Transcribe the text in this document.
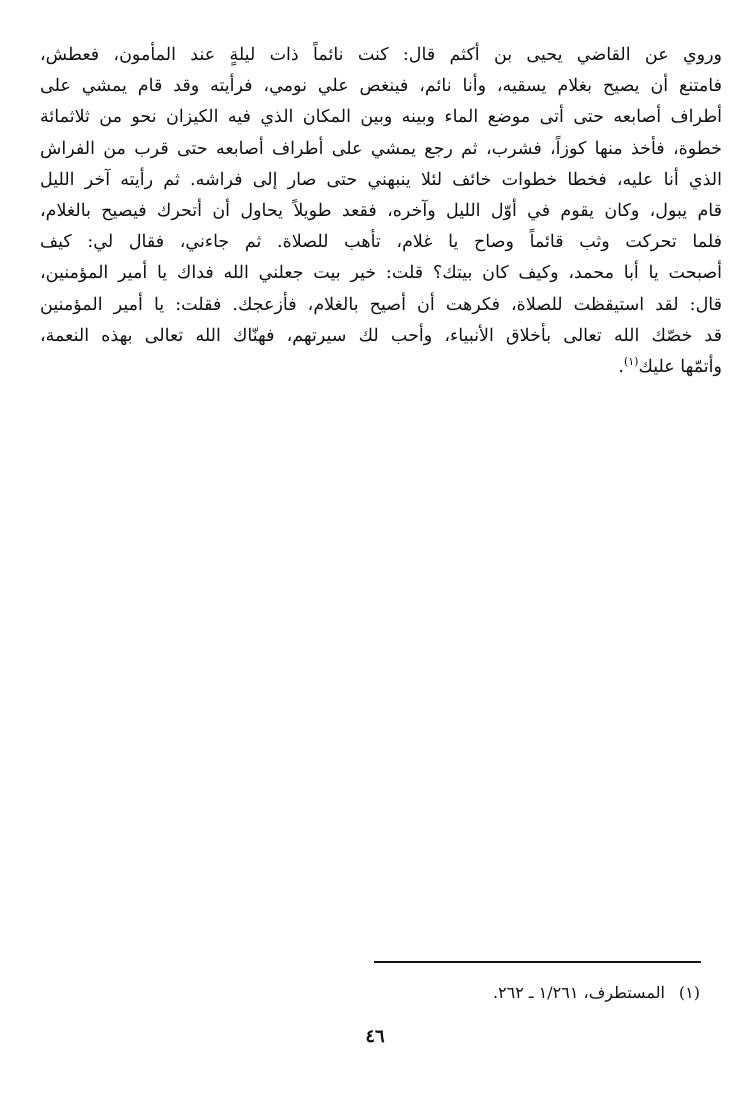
وروي عن القاضي يحيى بن أكثم قال: كنت نائماً ذات ليلةٍ عند المأمون، فعطش،
فامتنع أن يصيح بغلام يسقيه، وأنا نائم، فينغص علي نومي، فرأيته وقد قام يمشي على
أطراف أصابعه حتى أتى موضع الماء وبينه وبين المكان الذي فيه الكيزان نحو من ثلاثمائة
خطوة، فأخذ منها كوزاً، فشرب، ثم رجع يمشي على أطراف أصابعه حتى قرب من الفراش
الذي أنا عليه، فخطا خطوات خائف لئلا ينبهني حتى صار إلى فراشه. ثم رأيته آخر الليل
قام يبول، وكان يقوم في أوّل الليل وآخره، فقعد طويلاً يحاول أن أتحرك فيصيح بالغلام،
فلما تحركت وثب قائماً وصاح يا غلام، تأهب للصلاة. ثم جاءني، فقال لي: كيف
أصبحت يا أبا محمد، وكيف كان بيتك؟ قلت: خير بيت جعلني الله فداك يا أمير المؤمنين،
قال: لقد استيقظت للصلاة، فكرهت أن أصيح بالغلام، فأزعجك. فقلت: يا أمير المؤمنين
قد خصّك الله تعالى بأخلاق الأنبياء، وأحب لك سيرتهم، فهنّاك الله تعالى بهذه النعمة،
وأتمّها عليك$^{(١)}$.
(١)المستطرف، ١/٢٦١ ـ ٢٦٢.
٤٦
